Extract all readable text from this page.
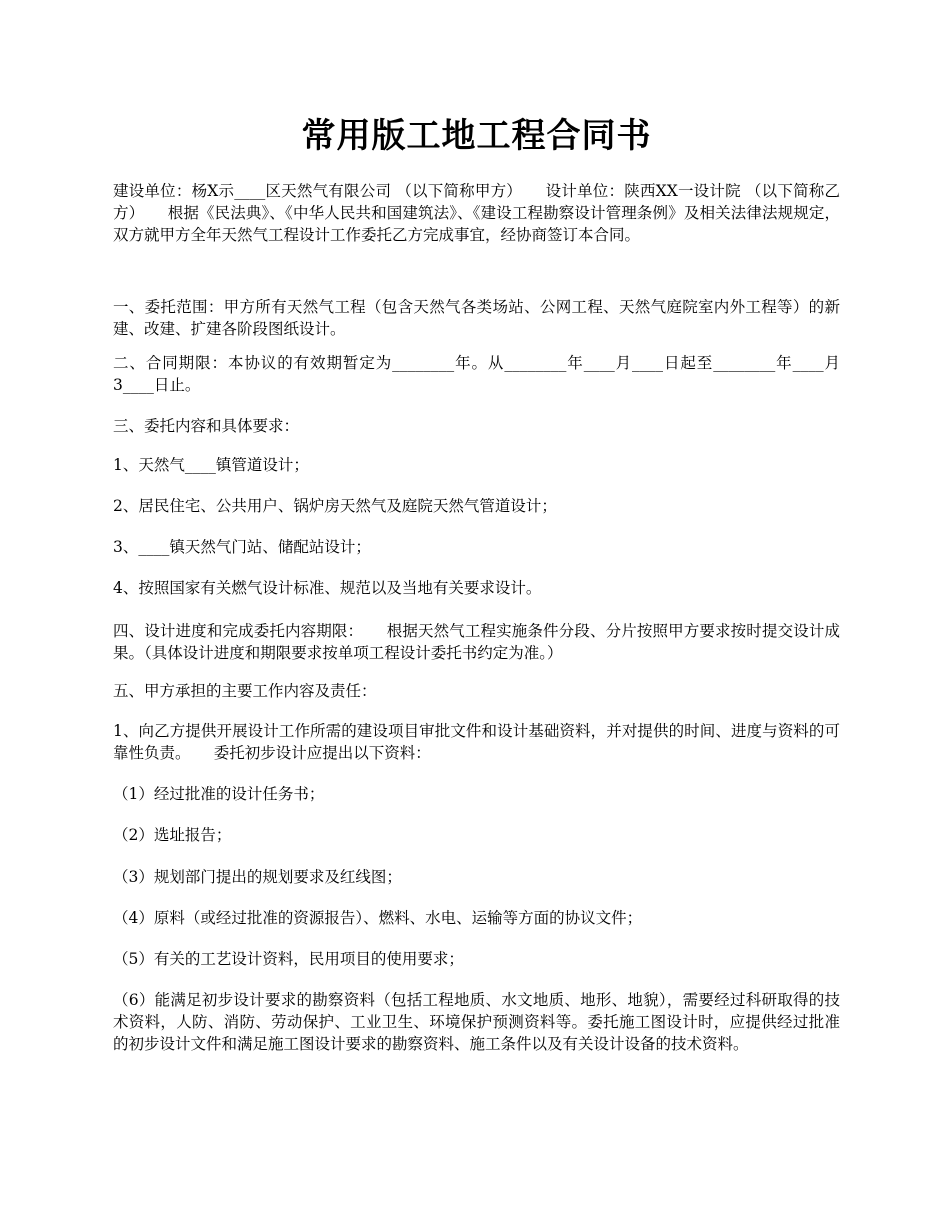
常用版工地工程合同书

建设单位：杨X示____区天然气有限公司 （以下简称甲方）　　设计单位：陕西XX一设计院 （以下简称乙方）　　根据《民法典》、《中华人民共和国建筑法》、《建设工程勘察设计管理条例》及相关法律法规规定，双方就甲方全年天然气工程设计工作委托乙方完成事宜，经协商签订本合同。

一、委托范围：甲方所有天然气工程（包含天然气各类场站、公网工程、天然气庭院室内外工程等）的新建、改建、扩建各阶段图纸设计。

二、合同期限：本协议的有效期暂定为________年。从________年____月____日起至________年____月3____日止。

三、委托内容和具体要求：

1、天然气____镇管道设计；

2、居民住宅、公共用户、锅炉房天然气及庭院天然气管道设计；

3、____镇天然气门站、储配站设计；

4、按照国家有关燃气设计标准、规范以及当地有关要求设计。

四、设计进度和完成委托内容期限：　　根据天然气工程实施条件分段、分片按照甲方要求按时提交设计成果。（具体设计进度和期限要求按单项工程设计委托书约定为准。）

五、甲方承担的主要工作内容及责任：

1、向乙方提供开展设计工作所需的建设项目审批文件和设计基础资料，并对提供的时间、进度与资料的可靠性负责。　　委托初步设计应提出以下资料：

（1）经过批准的设计任务书；

（2）选址报告；

（3）规划部门提出的规划要求及红线图；

（4）原料（或经过批准的资源报告）、燃料、水电、运输等方面的协议文件；

（5）有关的工艺设计资料，民用项目的使用要求；

（6）能满足初步设计要求的勘察资料（包括工程地质、水文地质、地形、地貌），需要经过科研取得的技术资料，人防、消防、劳动保护、工业卫生、环境保护预测资料等。委托施工图设计时，应提供经过批准的初步设计文件和满足施工图设计要求的勘察资料、施工条件以及有关设计设备的技术资料。
